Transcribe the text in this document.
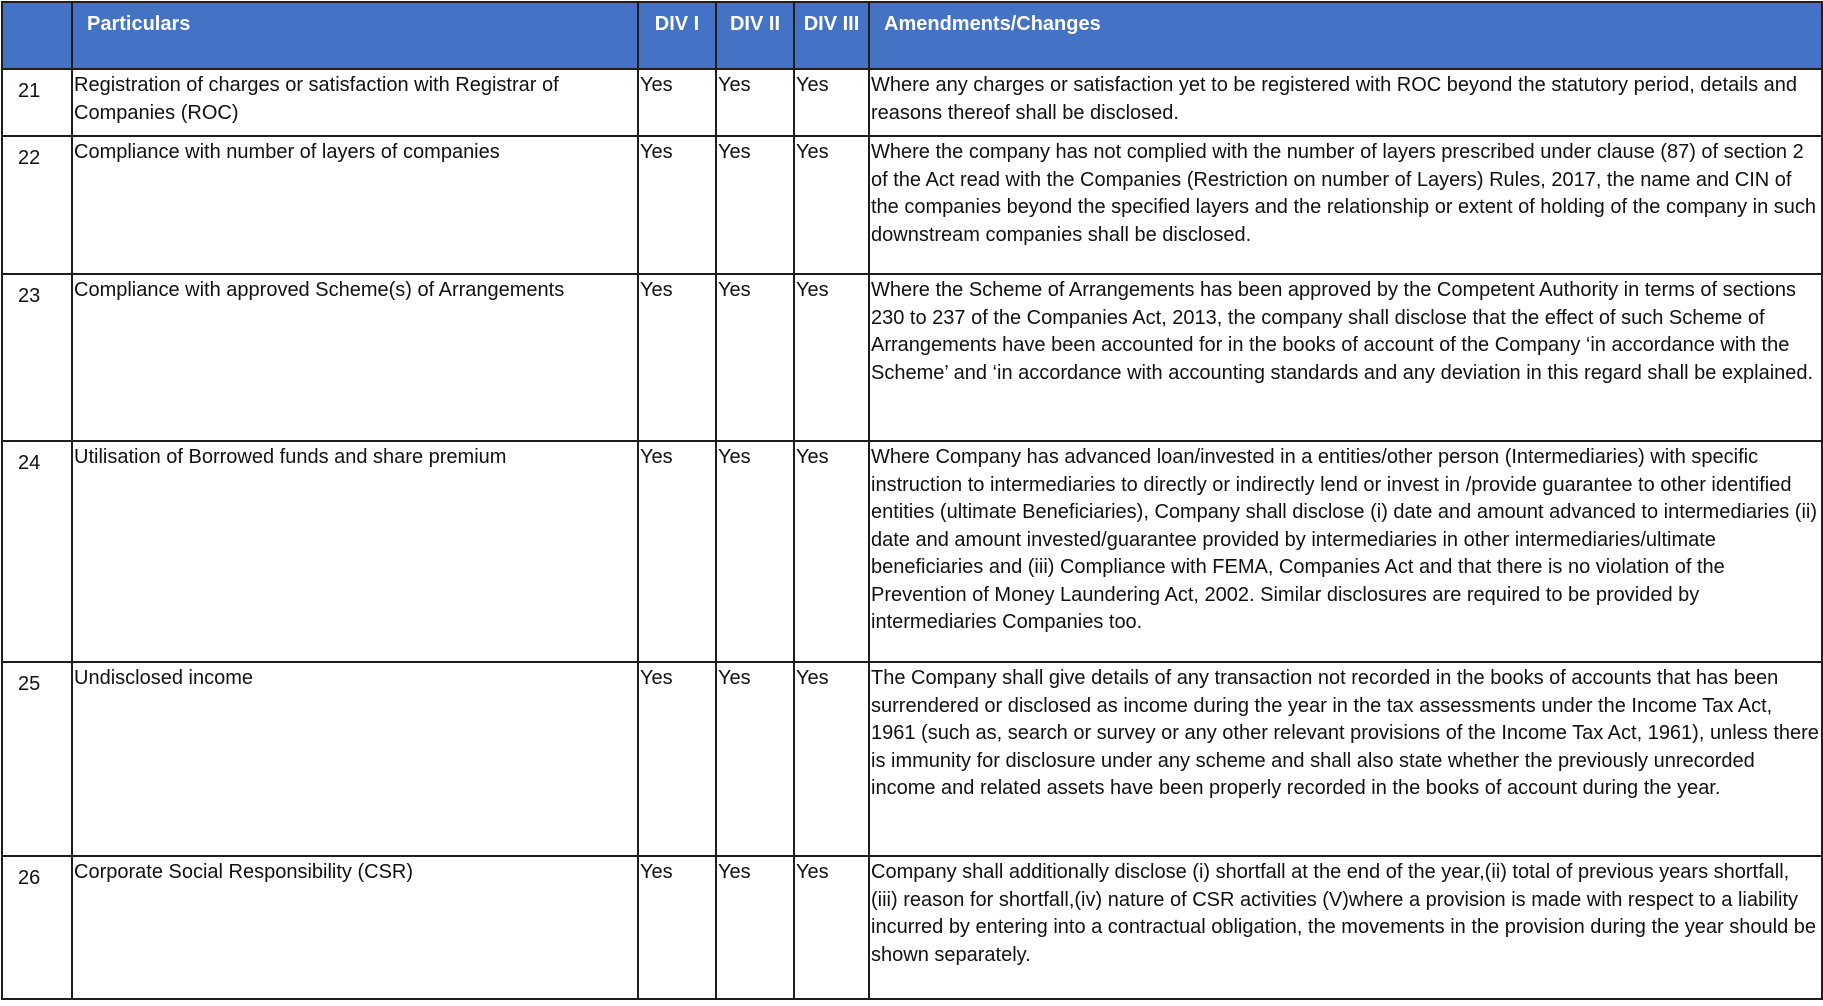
	Particulars	DIV I	DIV II	DIV III	Amendments/Changes
21	Registration of charges or satisfaction with Registrar of Companies (ROC)	Yes	Yes	Yes	Where any charges or satisfaction yet to be registered with ROC beyond the statutory period, details and reasons thereof shall be disclosed.
22	Compliance with number of layers of companies	Yes	Yes	Yes	Where the company has not complied with the number of layers prescribed under clause (87) of section 2 of the Act read with the Companies (Restriction on number of Layers) Rules, 2017, the name and CIN of the companies beyond the specified layers and the relationship or extent of holding of the company in such downstream companies shall be disclosed.
23	Compliance with approved Scheme(s) of Arrangements	Yes	Yes	Yes	Where the Scheme of Arrangements has been approved by the Competent Authority in terms of sections 230 to 237 of the Companies Act, 2013, the company shall disclose that the effect of such Scheme of Arrangements have been accounted for in the books of account of the Company ‘in accordance with the Scheme’ and ‘in accordance with accounting standards and any deviation in this regard shall be explained.
24	Utilisation of Borrowed funds and share premium	Yes	Yes	Yes	Where Company has advanced loan/invested in a entities/other person (Intermediaries) with specific instruction to intermediaries to directly or indirectly lend or invest in /provide guarantee to other identified entities (ultimate Beneficiaries), Company shall disclose (i) date and amount advanced to intermediaries (ii) date and amount invested/guarantee provided by intermediaries in other intermediaries/ultimate beneficiaries and (iii) Compliance with FEMA, Companies Act and that there is no violation of the Prevention of Money Laundering Act, 2002. Similar disclosures are required to be provided by intermediaries Companies too.
25	Undisclosed income	Yes	Yes	Yes	The Company shall give details of any transaction not recorded in the books of accounts that has been surrendered or disclosed as income during the year in the tax assessments under the Income Tax Act, 1961 (such as, search or survey or any other relevant provisions of the Income Tax Act, 1961), unless there is immunity for disclosure under any scheme and shall also state whether the previously unrecorded income and related assets have been properly recorded in the books of account during the year.
26	Corporate Social Responsibility (CSR)	Yes	Yes	Yes	Company shall additionally disclose (i) shortfall at the end of the year,(ii) total of previous years shortfall, (iii) reason for shortfall,(iv) nature of CSR activities (V)where a provision is made with respect to a liability incurred by entering into a contractual obligation, the movements in the provision during the year should be shown separately.
